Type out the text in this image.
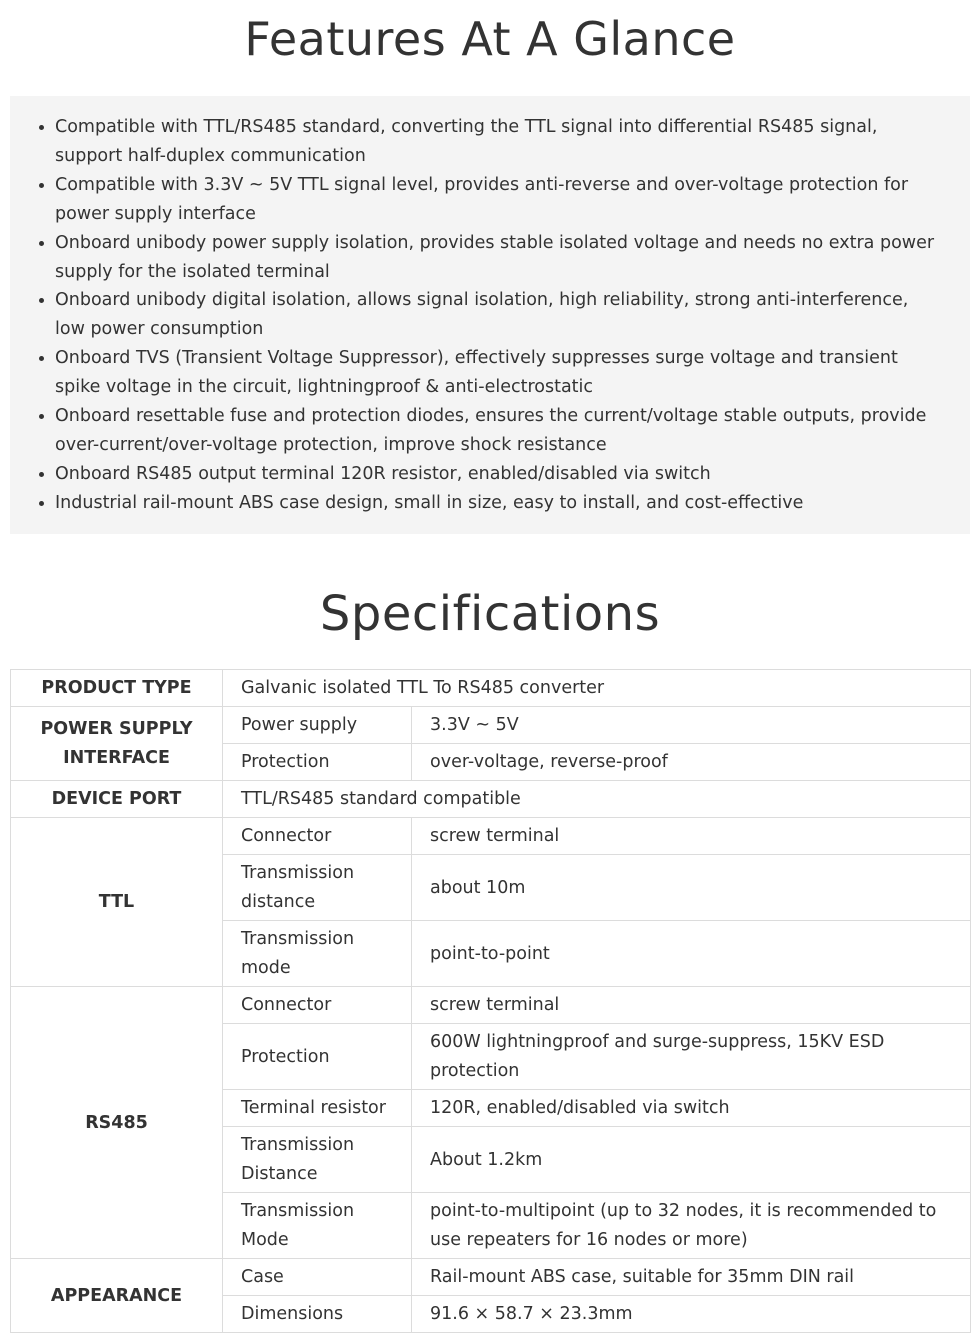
Features At A Glance
• Compatible with TTL/RS485 standard, converting the TTL signal into differential RS485 signal, support half-duplex communication
• Compatible with 3.3V ~ 5V TTL signal level, provides anti-reverse and over-voltage protection for power supply interface
• Onboard unibody power supply isolation, provides stable isolated voltage and needs no extra power supply for the isolated terminal
• Onboard unibody digital isolation, allows signal isolation, high reliability, strong anti-interference, low power consumption
• Onboard TVS (Transient Voltage Suppressor), effectively suppresses surge voltage and transient spike voltage in the circuit, lightningproof & anti-electrostatic
• Onboard resettable fuse and protection diodes, ensures the current/voltage stable outputs, provide over-current/over-voltage protection, improve shock resistance
• Onboard RS485 output terminal 120R resistor, enabled/disabled via switch
• Industrial rail-mount ABS case design, small in size, easy to install, and cost-effective
Specifications
PRODUCT TYPE	Galvanic isolated TTL To RS485 converter	
POWER SUPPLY INTERFACE	Power supply	3.3V ~ 5V
	Protection	over-voltage, reverse-proof
DEVICE PORT	TTL/RS485 standard compatible	
TTL	Connector	screw terminal
	Transmission distance	about 10m
	Transmission mode	point-to-point
RS485	Connector	screw terminal
	Protection	600W lightningproof and surge-suppress, 15KV ESD protection
	Terminal resistor	120R, enabled/disabled via switch
	Transmission Distance	About 1.2km
	Transmission Mode	point-to-multipoint (up to 32 nodes, it is recommended to use repeaters for 16 nodes or more)
APPEARANCE	Case	Rail-mount ABS case, suitable for 35mm DIN rail
	Dimensions	91.6 × 58.7 × 23.3mm
